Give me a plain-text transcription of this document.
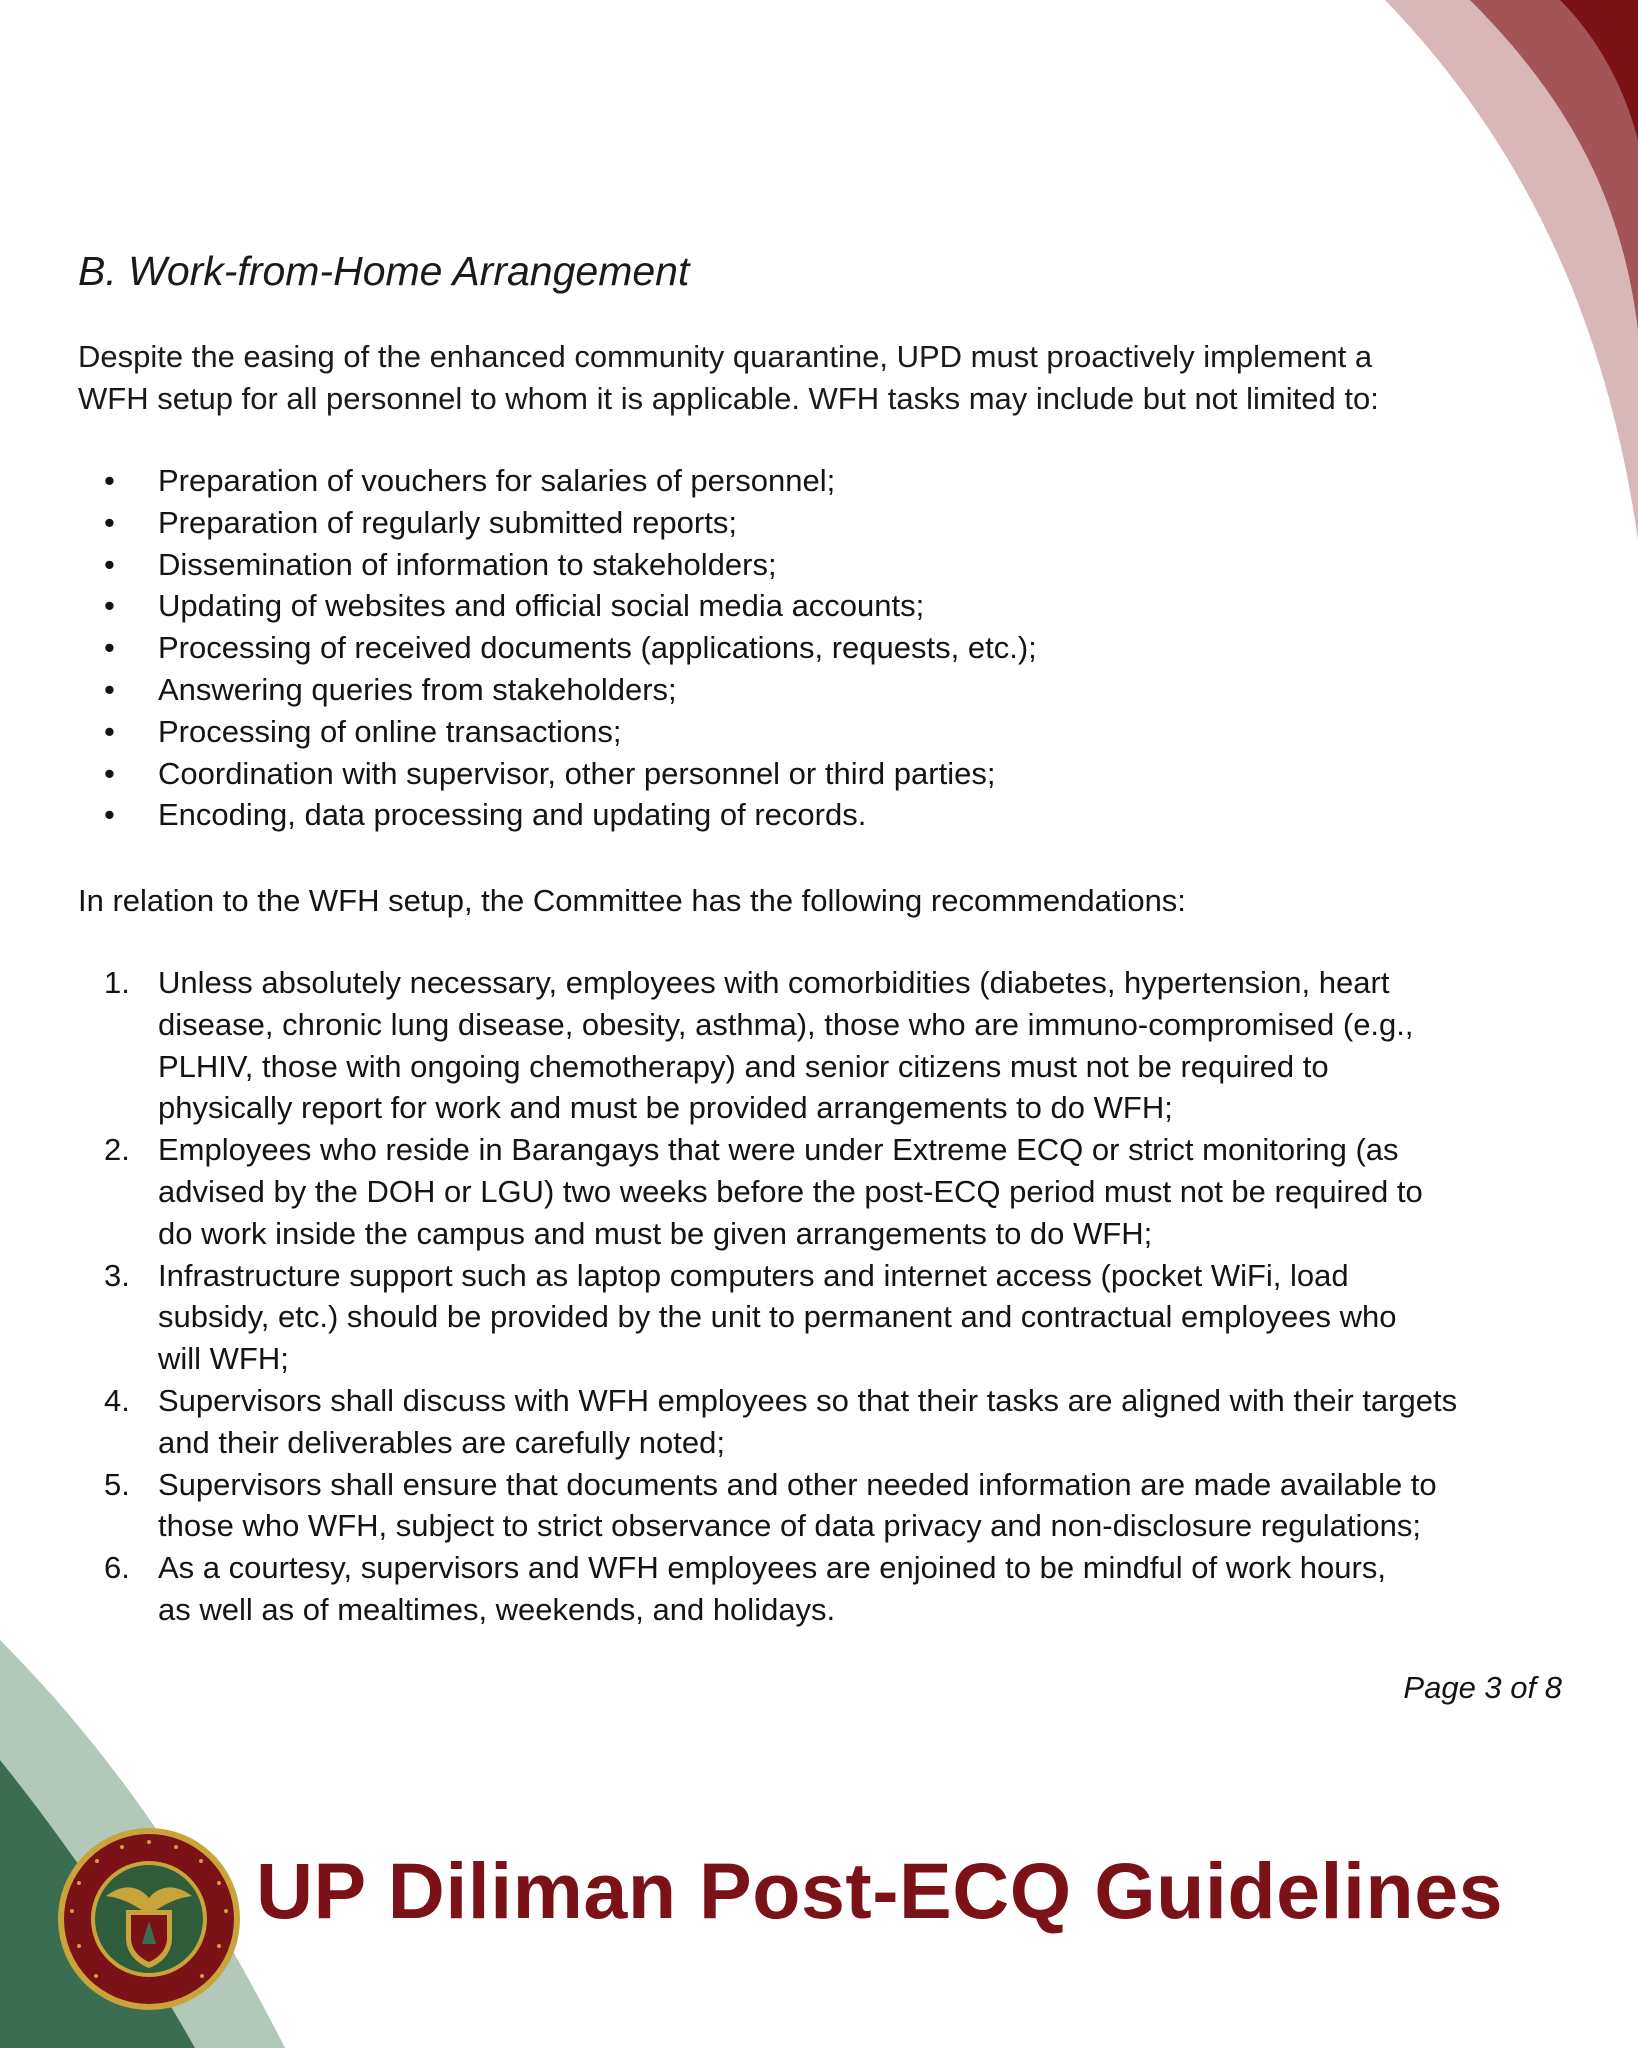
B. Work-from-Home Arrangement
Despite the easing of the enhanced community quarantine, UPD must proactively implement a
WFH setup for all personnel to whom it is applicable. WFH tasks may include but not limited to:
• Preparation of vouchers for salaries of personnel;
• Preparation of regularly submitted reports;
• Dissemination of information to stakeholders;
• Updating of websites and official social media accounts;
• Processing of received documents (applications, requests, etc.);
• Answering queries from stakeholders;
• Processing of online transactions;
• Coordination with supervisor, other personnel or third parties;
• Encoding, data processing and updating of records.
In relation to the WFH setup, the Committee has the following recommendations:
1. Unless absolutely necessary, employees with comorbidities (diabetes, hypertension, heart
disease, chronic lung disease, obesity, asthma), those who are immuno-compromised (e.g.,
PLHIV, those with ongoing chemotherapy) and senior citizens must not be required to
physically report for work and must be provided arrangements to do WFH;
2. Employees who reside in Barangays that were under Extreme ECQ or strict monitoring (as
advised by the DOH or LGU) two weeks before the post-ECQ period must not be required to
do work inside the campus and must be given arrangements to do WFH;
3. Infrastructure support such as laptop computers and internet access (pocket WiFi, load
subsidy, etc.) should be provided by the unit to permanent and contractual employees who
will WFH;
4. Supervisors shall discuss with WFH employees so that their tasks are aligned with their targets
and their deliverables are carefully noted;
5. Supervisors shall ensure that documents and other needed information are made available to
those who WFH, subject to strict observance of data privacy and non-disclosure regulations;
6. As a courtesy, supervisors and WFH employees are enjoined to be mindful of work hours,
as well as of mealtimes, weekends, and holidays.
Page 3 of 8
UP Diliman Post-ECQ Guidelines
